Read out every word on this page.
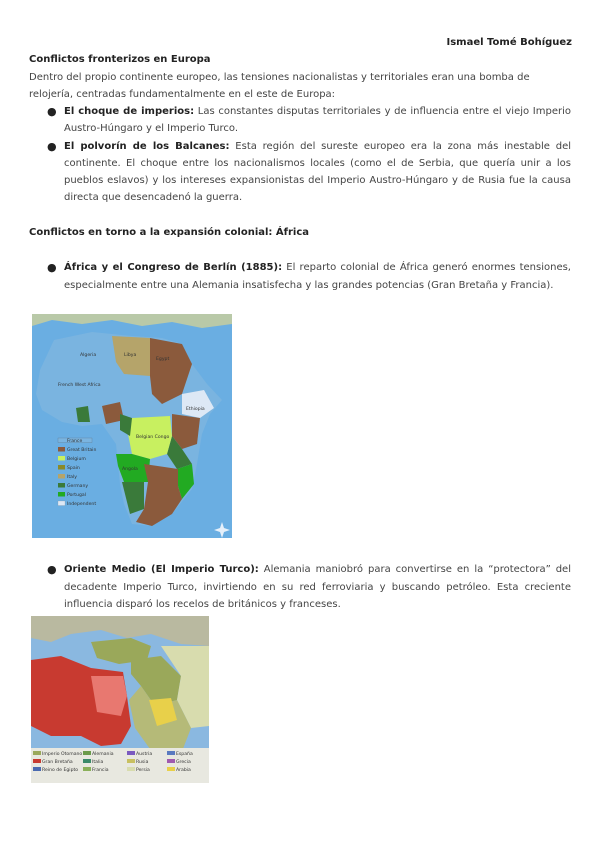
Ismael Tomé Bohíguez
Conflictos fronterizos en Europa
Dentro del propio continente europeo, las tensiones nacionalistas y territoriales eran una bomba de relojería, centradas fundamentalmente en el este de Europa:
● El choque de imperios: Las constantes disputas territoriales y de influencia entre el viejo Imperio Austro-Húngaro y el Imperio Turco.
● El polvorín de los Balcanes: Esta región del sureste europeo era la zona más inestable del continente. El choque entre los nacionalismos locales (como el de Serbia, que quería unir a los pueblos eslavos) y los intereses expansionistas del Imperio Austro-Húngaro y de Rusia fue la causa directa que desencadenó la guerra.
Conflictos en torno a la expansión colonial: África
● África y el Congreso de Berlín (1885): El reparto colonial de África generó enormes tensiones, especialmente entre una Alemania insatisfecha y las grandes potencias (Gran Bretaña y Francia).
Algeria	Libya
Egypt
French West Africa
Belgian Congo
Angola
Ethiopia
France
Great Britain
Belgium
Spain
Italy
Germany
Portugal
Independent
● Oriente Medio (El Imperio Turco): Alemania maniobró para convertirse en la “protectora” del decadente Imperio Turco, invirtiendo en su red ferroviaria y buscando petróleo. Esta creciente influencia disparó los recelos de británicos y franceses.
Imperio Otomano
Gran Bretaña
Reino de Egipto
Alemania
Italia
Francia
Austria
Rusia
Persia
España
Grecia
Arabia
